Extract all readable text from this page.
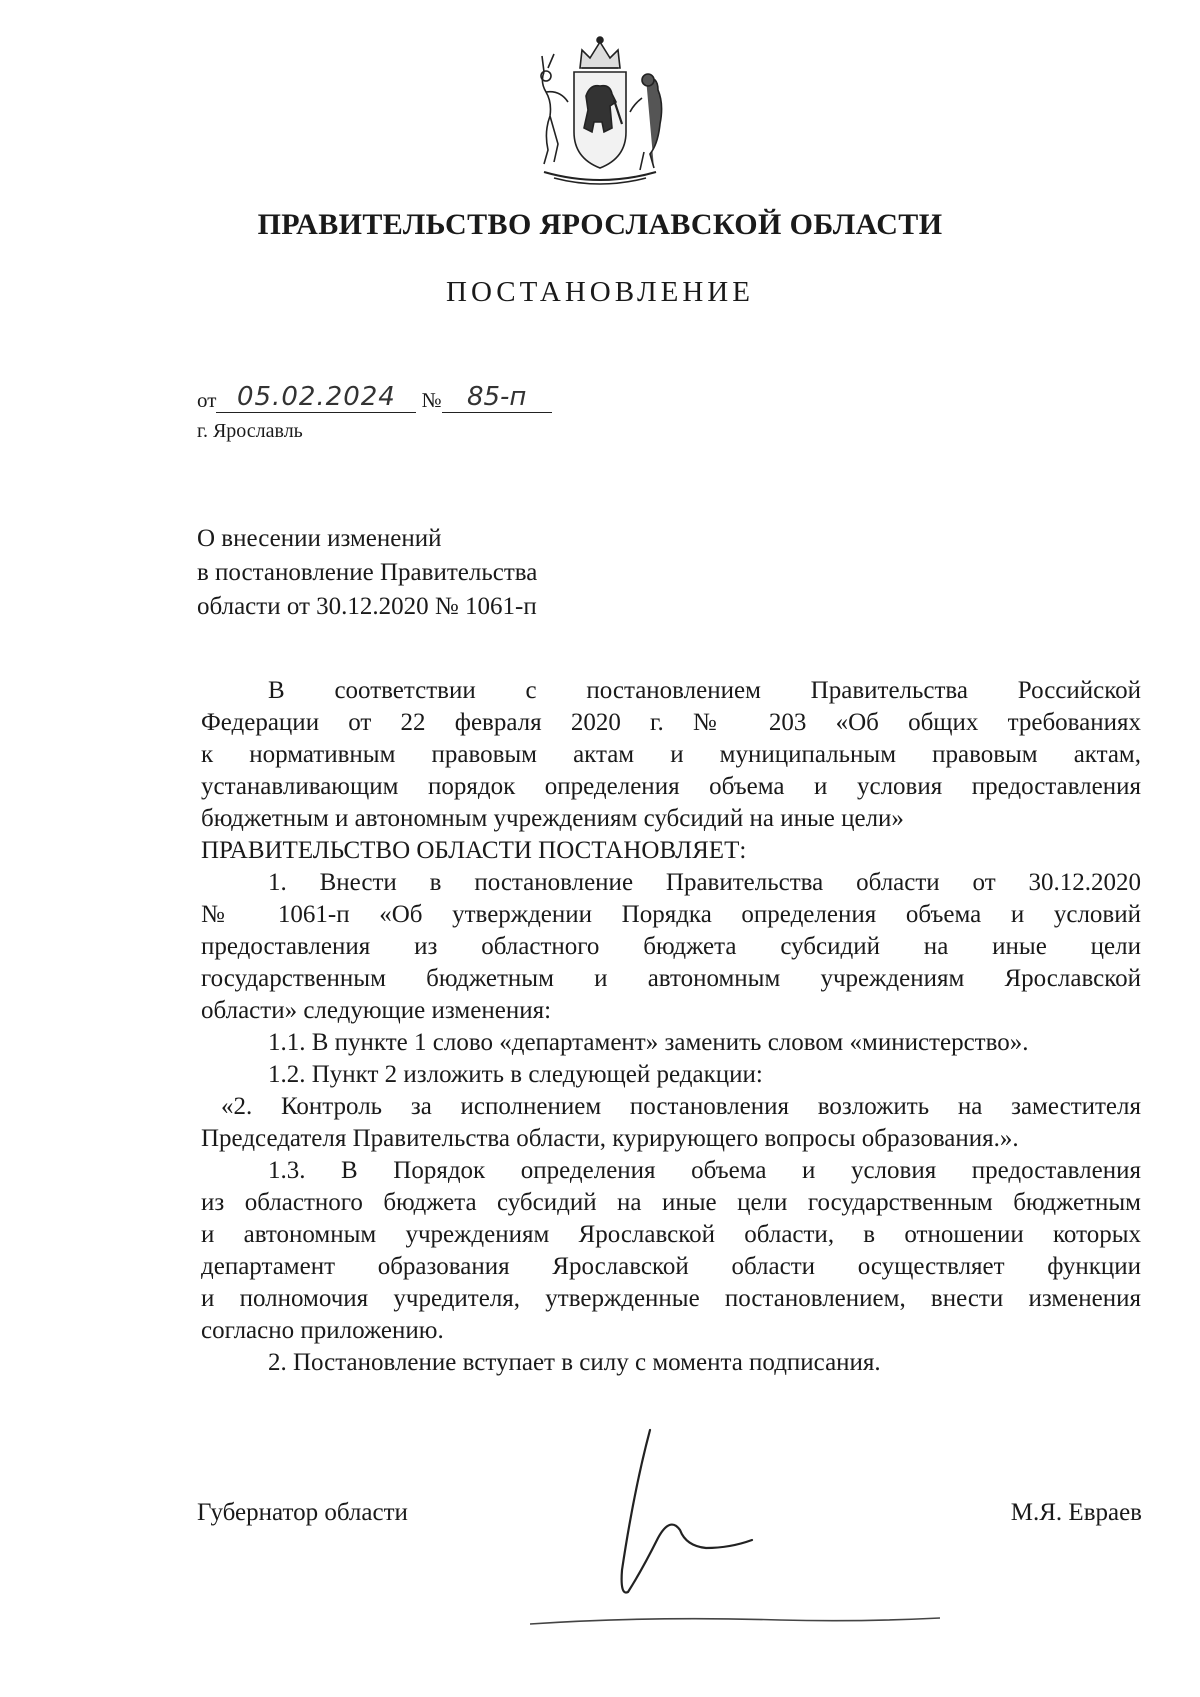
ПРАВИТЕЛЬСТВО ЯРОСЛАВСКОЙ ОБЛАСТИ
ПОСТАНОВЛЕНИЕ
от 05.02.2024 № 85-п
г. Ярославль
О внесении изменений
в постановление Правительства
области от 30.12.2020 № 1061-п
В соответствии с постановлением Правительства Российской
Федерации от 22 февраля 2020 г. № 203 «Об общих требованиях
к нормативным правовым актам и муниципальным правовым актам,
устанавливающим порядок определения объема и условия предоставления
бюджетным и автономным учреждениям субсидий на иные цели»
ПРАВИТЕЛЬСТВО ОБЛАСТИ ПОСТАНОВЛЯЕТ:
1. Внести в постановление Правительства области от 30.12.2020
№ 1061-п «Об утверждении Порядка определения объема и условий
предоставления из областного бюджета субсидий на иные цели
государственным бюджетным и автономным учреждениям Ярославской
области» следующие изменения:
1.1. В пункте 1 слово «департамент» заменить словом «министерство».
1.2. Пункт 2 изложить в следующей редакции:
«2. Контроль за исполнением постановления возложить на заместителя
Председателя Правительства области, курирующего вопросы образования.».
1.3. В Порядок определения объема и условия предоставления
из областного бюджета субсидий на иные цели государственным бюджетным
и автономным учреждениям Ярославской области, в отношении которых
департамент образования Ярославской области осуществляет функции
и полномочия учредителя, утвержденные постановлением, внести изменения
согласно приложению.
2. Постановление вступает в силу с момента подписания.
Губернатор области	М.Я. Евраев
